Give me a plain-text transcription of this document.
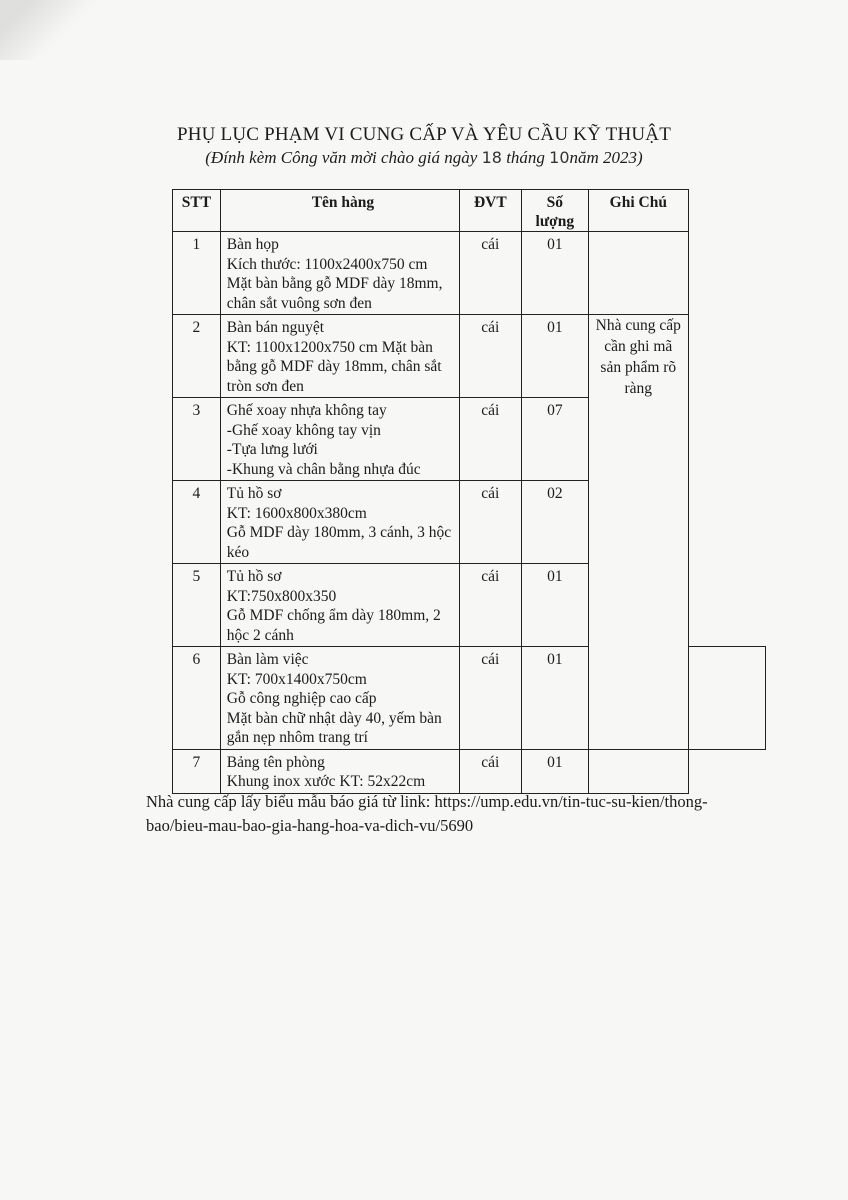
PHỤ LỤC PHẠM VI CUNG CẤP VÀ YÊU CẦU KỸ THUẬT
(Đính kèm Công văn mời chào giá ngày 18 tháng 10năm 2023)
STT	Tên hàng	ĐVT	Số
lượng	Ghi Chú	
1	Bàn họp
Kích thước: 1100x2400x750 cm
Mặt bàn bằng gỗ MDF dày 18mm,
chân sắt vuông sơn đen	cái	01		
2	Bàn bán nguyệt
KT: 1100x1200x750 cm Mặt bàn
bằng gỗ MDF dày 18mm, chân sắt
tròn sơn đen	cái	01	Nhà cung cấp
cần ghi mã
sản phẩm rõ
ràng	

3	Ghế xoay nhựa không tay
-Ghế xoay không tay vịn
-Tựa lưng lưới
-Khung và chân bằng nhựa đúc	cái	07		
4	Tủ hồ sơ
KT: 1600x800x380cm
Gỗ MDF dày 180mm, 3 cánh, 3 hộc
kéo	cái	02		
5	Tủ hồ sơ
KT:750x800x350
Gỗ MDF chống ẩm dày 180mm, 2
hộc 2 cánh	cái	01		
6	Bàn làm việc
KT: 700x1400x750cm
Gỗ công nghiệp cao cấp
Mặt bàn chữ nhật dày 40, yếm bàn
gắn nẹp nhôm trang trí	cái	01		
7	Bảng tên phòng
Khung inox xước KT: 52x22cm	cái	01		
Nhà cung cấp lấy biểu mẫu báo giá từ link: https://ump.edu.vn/tin-tuc-su-kien/thong-
bao/bieu-mau-bao-gia-hang-hoa-va-dich-vu/5690
